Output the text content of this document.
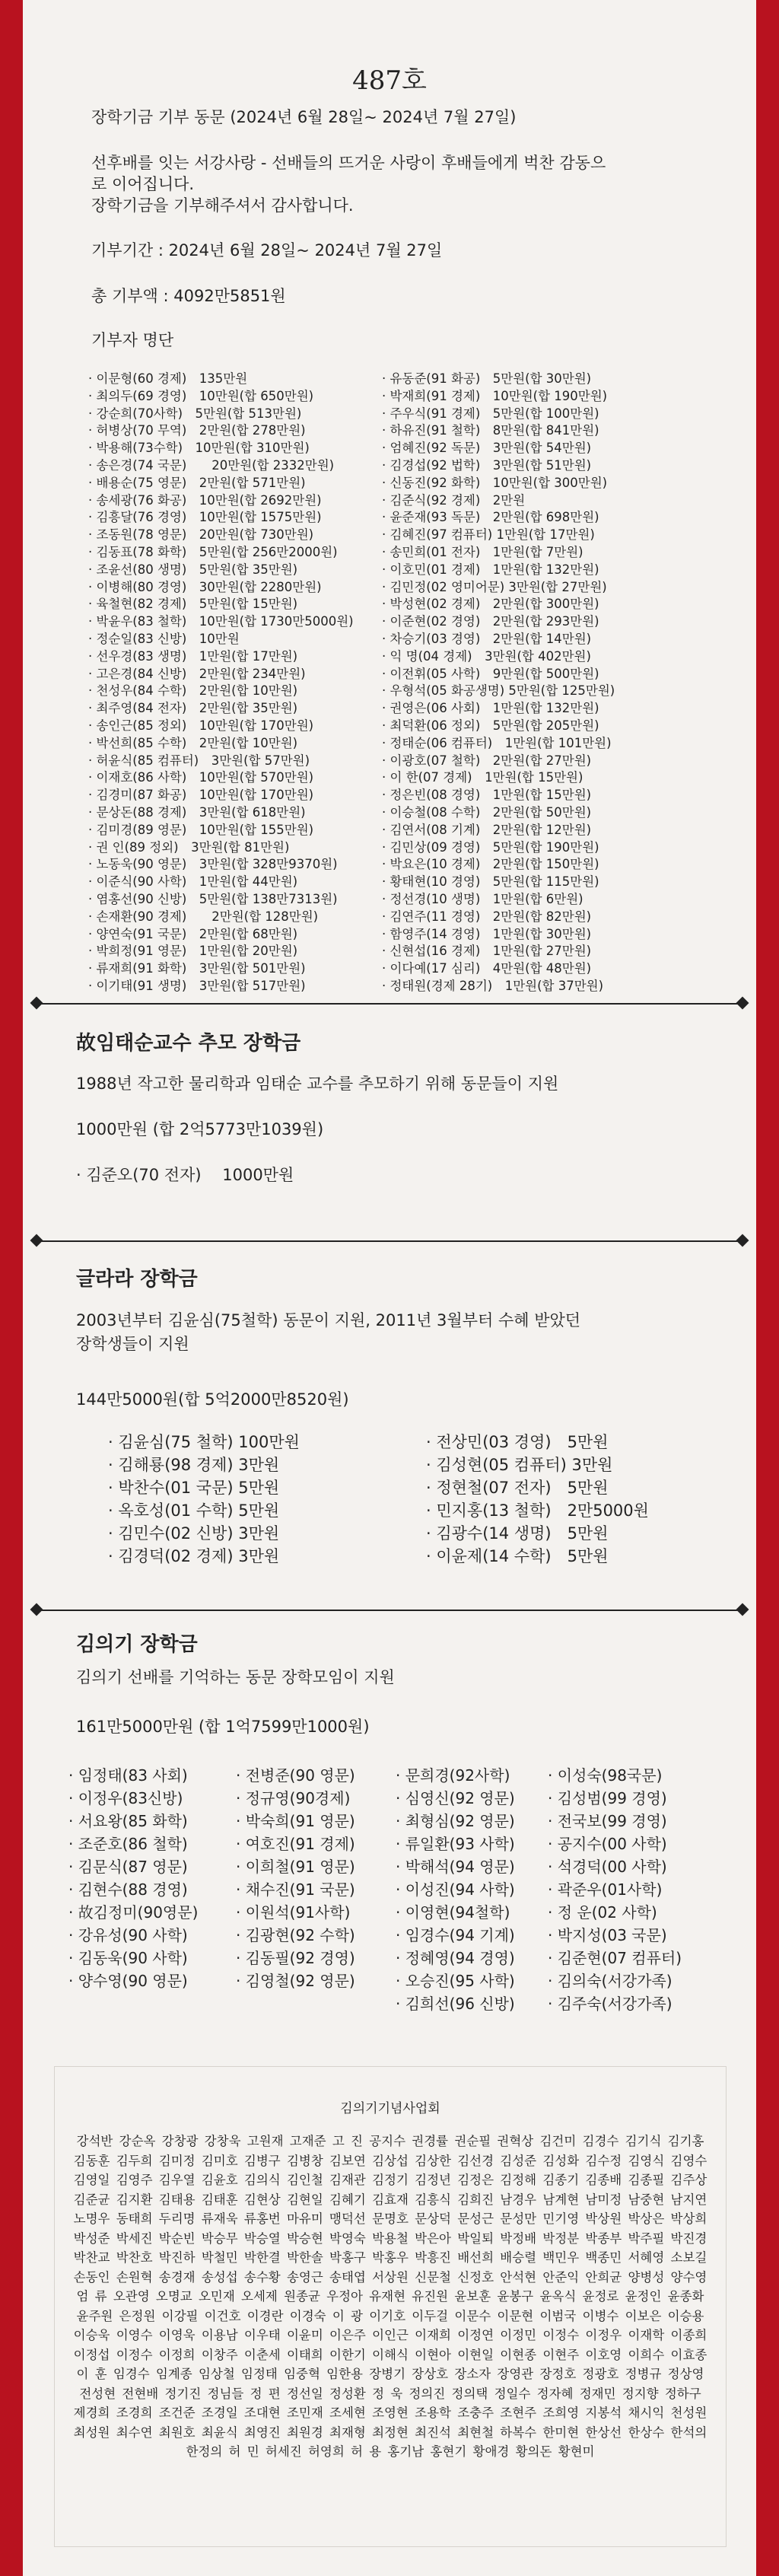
487호

장학기금 기부 동문 (2024년 6월 28일~ 2024년 7월 27일)

선후배를 잇는 서강사랑 - 선배들의 뜨거운 사랑이 후배들에게 벅찬 감동으
로 이어집니다.
장학기금을 기부해주셔서 감사합니다.

기부기간 : 2024년 6월 28일~ 2024년 7월 27일

총 기부액 : 4092만5851원

기부자 명단

· 이문형(60 경제)　135만원
· 최의두(69 경영)　10만원(합 650만원)
· 강순희(70사학)　5만원(합 513만원)
· 허병상(70 무역)　2만원(합 278만원)
· 박용해(73수학)　10만원(합 310만원)
· 송은경(74 국문)　　20만원(합 2332만원)
· 배용순(75 영문)　2만원(합 571만원)
· 송세광(76 화공)　10만원(합 2692만원)
· 김흥달(76 경영)　10만원(합 1575만원)
· 조동원(78 영문)　20만원(합 730만원)
· 김동표(78 화학)　5만원(합 256만2000원)
· 조윤선(80 생명)　5만원(합 35만원)
· 이병해(80 경영)　30만원(합 2280만원)
· 육철현(82 경제)　5만원(합 15만원)
· 박윤우(83 철학)　10만원(합 1730만5000원)
· 정순일(83 신방)　10만원
· 선우경(83 생명)　1만원(합 17만원)
· 고은경(84 신방)　2만원(합 234만원)
· 천성우(84 수학)　2만원(합 10만원)
· 최주영(84 전자)　2만원(합 35만원)
· 송인근(85 정외)　10만원(합 170만원)
· 박선희(85 수학)　2만원(합 10만원)
· 허윤식(85 컴퓨터)　3만원(합 57만원)
· 이재호(86 사학)　10만원(합 570만원)
· 김경미(87 화공)　10만원(합 170만원)
· 문상돈(88 경제)　3만원(합 618만원)
· 김미경(89 영문)　10만원(합 155만원)
· 권 인(89 정외)　3만원(합 81만원)
· 노동욱(90 영문)　3만원(합 328만9370원)
· 이준식(90 사학)　1만원(합 44만원)
· 염홍선(90 신방)　5만원(합 138만7313원)
· 손재환(90 경제)　　2만원(합 128만원)
· 양연숙(91 국문)　2만원(합 68만원)
· 박희정(91 영문)　1만원(합 20만원)
· 류재희(91 화학)　3만원(합 501만원)
· 이기태(91 생명)　3만원(합 517만원)
· 유동준(91 화공)　5만원(합 30만원)
· 박재희(91 경제)　10만원(합 190만원)
· 주우식(91 경제)　5만원(합 100만원)
· 하유진(91 철학)　8만원(합 841만원)
· 엄혜진(92 독문)　3만원(합 54만원)
· 김경섭(92 법학)　3만원(합 51만원)
· 신동진(92 화학)　10만원(합 300만원)
· 김준식(92 경제)　2만원
· 윤준재(93 독문)　2만원(합 698만원)
· 김혜진(97 컴퓨터) 1만원(합 17만원)
· 송민희(01 전자)　1만원(합 7만원)
· 이호민(01 경제)　1만원(합 132만원)
· 김민정(02 영미어문) 3만원(합 27만원)
· 박성현(02 경제)　2만원(합 300만원)
· 이준현(02 경영)　2만원(합 293만원)
· 차승기(03 경영)　2만원(합 14만원)
· 익 명(04 경제)　3만원(합 402만원)
· 이전휘(05 사학)　9만원(합 500만원)
· 우형석(05 화공생명) 5만원(합 125만원)
· 권영은(06 사회)　1만원(합 132만원)
· 최덕환(06 정외)　5만원(합 205만원)
· 정태순(06 컴퓨터)　1만원(합 101만원)
· 이광호(07 철학)　2만원(합 27만원)
· 이 한(07 경제)　1만원(합 15만원)
· 정은빈(08 경영)　1만원(합 15만원)
· 이승철(08 수학)　2만원(합 50만원)
· 김연서(08 기계)　2만원(합 12만원)
· 김민상(09 경영)　5만원(합 190만원)
· 박요은(10 경제)　2만원(합 150만원)
· 황태현(10 경영)　5만원(합 115만원)
· 정선경(10 생명)　1만원(합 6만원)
· 김연주(11 경영)　2만원(합 82만원)
· 함영주(14 경영)　1만원(합 30만원)
· 신현섭(16 경제)　1만원(합 27만원)
· 이다예(17 심리)　4만원(합 48만원)
· 정태원(경제 28기)　1만원(합 37만원)

故임태순교수 추모 장학금

1988년 작고한 물리학과 임태순 교수를 추모하기 위해 동문들이 지원

1000만원 (합 2억5773만1039원)

· 김준오(70 전자)　 1000만원

글라라 장학금

2003년부터 김윤심(75철학) 동문이 지원, 2011년 3월부터 수혜 받았던
장학생들이 지원

144만5000원(합 5억2000만8520원)

· 김윤심(75 철학) 100만원
· 김해룡(98 경제) 3만원
· 박찬수(01 국문) 5만원
· 옥호성(01 수학) 5만원
· 김민수(02 신방) 3만원
· 김경덕(02 경제) 3만원
· 전상민(03 경영)　5만원
· 김성현(05 컴퓨터) 3만원
· 정현철(07 전자)　5만원
· 민지홍(13 철학)　2만5000원
· 김광수(14 생명)　5만원
· 이윤제(14 수학)　5만원

김의기 장학금

김의기 선배를 기억하는 동문 장학모임이 지원

161만5000만원 (합 1억7599만1000원)

· 임정태(83 사회)
· 이정우(83신방)
· 서요왕(85 화학)
· 조준호(86 철학)
· 김문식(87 영문)
· 김현수(88 경영)
· 故김정미(90영문)
· 강유성(90 사학)
· 김동욱(90 사학)
· 양수영(90 영문)
· 전병준(90 영문)
· 정규영(90경제)
· 박숙희(91 영문)
· 여호진(91 경제)
· 이희철(91 영문)
· 채수진(91 국문)
· 이원석(91사학)
· 김광현(92 수학)
· 김동필(92 경영)
· 김영철(92 영문)
· 문희경(92사학)
· 심영신(92 영문)
· 최형심(92 영문)
· 류일환(93 사학)
· 박해석(94 영문)
· 이성진(94 사학)
· 이영현(94철학)
· 임경수(94 기계)
· 정혜영(94 경영)
· 오승진(95 사학)
· 김희선(96 신방)
· 이성숙(98국문)
· 김성범(99 경영)
· 전국보(99 경영)
· 공지수(00 사학)
· 석경덕(00 사학)
· 곽준우(01사학)
· 정 운(02 사학)
· 박지성(03 국문)
· 김준현(07 컴퓨터)
· 김의숙(서강가족)
· 김주숙(서강가족)
김의기기념사업회
강석반 강순옥 강창광 강창욱 고원재 고재준 고 진 공지수 권경률 권순필 권혁상 김건미 김경수 김기식 김기홍 김동훈 김두희 김미정 김미호 김병구 김병창 김보연 김상섭 김상한 김선경 김성준 김성화 김수정 김영식 김영수 김영일 김영주 김우열 김윤호 김의식 김인철 김재관 김정기 김정년 김정은 김정해 김종기 김종배 김종필 김주상 김준균 김지환 김태용 김태훈 김현상 김현일 김혜기 김효재 김흥식 김희진 남경우 남계현 남미정 남중현 남지연 노명우 동태희 두리명 류재욱 류홍번 마유미 맹덕선 문명호 문상덕 문성근 문성만 민기영 박상원 박상은 박상희 박성준 박세진 박순빈 박승무 박승열 박승현 박영숙 박용철 박은아 박일퇴 박정배 박정분 박종부 박주필 박진경 박찬교 박찬호 박진하 박철민 박한결 박한솔 박홍구 박홍우 박흥진 배선희 배승렬 백민우 백종민 서혜영 소보길 손동인 손원혁 송경재 송성섭 송수황 송영근 송태엽 서상원 신문철 신정호 안석현 안준익 안희균 양병성 양수영 엄 류 오관영 오명교 오민재 오세제 원종균 우정아 유재현 유진원 윤보훈 윤봉구 윤옥식 윤정로 윤정인 윤종화 윤주원 은정원 이강필 이건호 이경란 이경숙 이 광 이기호 이두걸 이문수 이문현 이범국 이병수 이보은 이승용 이승욱 이영수 이영욱 이용남 이우태 이윤미 이은주 이인근 이재희 이정연 이정민 이정수 이정우 이재학 이종희 이정섭 이정수 이정희 이창주 이춘세 이태희 이한기 이해식 이현아 이현일 이현종 이현주 이호영 이희수 이효종 이 훈 임경수 임계종 임상철 임정태 임중혁 임한용 장병기 장상호 장소자 장영관 장정호 정광호 정병규 정상영 전성현 전현배 정기진 정님들 정 편 정선일 정성환 정 욱 정의진 정의택 정일수 정자혜 정재민 정지향 정하구 제경희 조경희 조건준 조경일 조대현 조민재 조세현 조영현 조용학 조충주 조현주 조희영 지봉석 채시익 천성원 최성원 최수연 최원호 최윤식 최영진 최원경 최재형 최정현 최진석 최현철 하복수 한미현 한상선 한상수 한석의 한정의 허 민 허세진 허영희 허 용 홍기남 홍현기 황애경 황의돈 황현미
